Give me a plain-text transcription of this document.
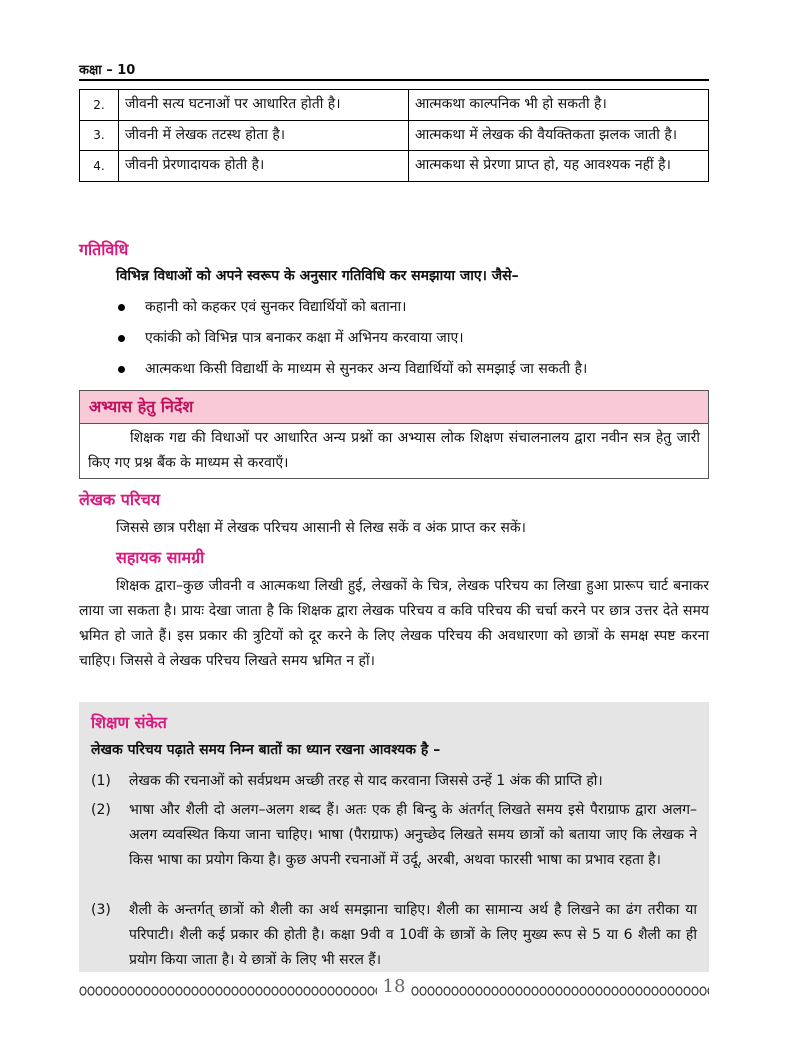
कक्षा – 10
2.	जीवनी सत्य घटनाओं पर आधारित होती है।	आत्मकथा काल्पनिक भी हो सकती है।
3.	जीवनी में लेखक तटस्थ होता है।	आत्मकथा में लेखक की वैयक्तिकता झलक जाती है।
4.	जीवनी प्रेरणादायक होती है।	आत्मकथा से प्रेरणा प्राप्त हो, यह आवश्यक नहीं है।
गतिविधि
विभिन्न विधाओं को अपने स्वरूप के अनुसार गतिविधि कर समझाया जाए। जैसे–
कहानी को कहकर एवं सुनकर विद्यार्थियों को बताना।
एकांकी को विभिन्न पात्र बनाकर कक्षा में अभिनय करवाया जाए।
आत्मकथा किसी विद्यार्थी के माध्यम से सुनकर अन्य विद्यार्थियों को समझाई जा सकती है।
अभ्यास हेतु निर्देश
शिक्षक गद्य की विधाओं पर आधारित अन्य प्रश्नों का अभ्यास लोक शिक्षण संचालनालय द्वारा नवीन सत्र हेतु जारी किए गए प्रश्न बैंक के माध्यम से करवाएँ।
लेखक परिचय
जिससे छात्र परीक्षा में लेखक परिचय आसानी से लिख सकें व अंक प्राप्त कर सकें।
सहायक सामग्री
शिक्षक द्वारा–कुछ जीवनी व आत्मकथा लिखी हुई, लेखकों के चित्र, लेखक परिचय का लिखा हुआ प्रारूप चार्ट बनाकर लाया जा सकता है। प्रायः देखा जाता है कि शिक्षक द्वारा लेखक परिचय व कवि परिचय की चर्चा करने पर छात्र उत्तर देते समय भ्रमित हो जाते हैं। इस प्रकार की त्रुटियों को दूर करने के लिए लेखक परिचय की अवधारणा को छात्रों के समक्ष स्पष्ट करना चाहिए। जिससे वे लेखक परिचय लिखते समय भ्रमित न हों।
शिक्षण संकेत
लेखक परिचय पढ़ाते समय निम्न बातों का ध्यान रखना आवश्यक है –
(1)	लेखक की रचनाओं को सर्वप्रथम अच्छी तरह से याद करवाना जिससे उन्हें 1 अंक की प्राप्ति हो।
(2)	भाषा और शैली दो अलग–अलग शब्द हैं। अतः एक ही बिन्दु के अंतर्गत् लिखते समय इसे पैराग्राफ द्वारा अलग–अलग व्यवस्थित किया जाना चाहिए। भाषा (पैराग्राफ) अनुच्छेद लिखते समय छात्रों को बताया जाए कि लेखक ने किस भाषा का प्रयोग किया है। कुछ अपनी रचनाओं में उर्दू, अरबी, अथवा फारसी भाषा का प्रभाव रहता है।
(3)	शैली के अन्तर्गत् छात्रों को शैली का अर्थ समझाना चाहिए। शैली का सामान्य अर्थ है लिखने का ढंग तरीका या परिपाटी। शैली कई प्रकार की होती है। कक्षा 9वी व 10वीं के छात्रों के लिए मुख्य रूप से 5 या 6 शैली का ही प्रयोग किया जाता है। ये छात्रों के लिए भी सरल हैं।
18
